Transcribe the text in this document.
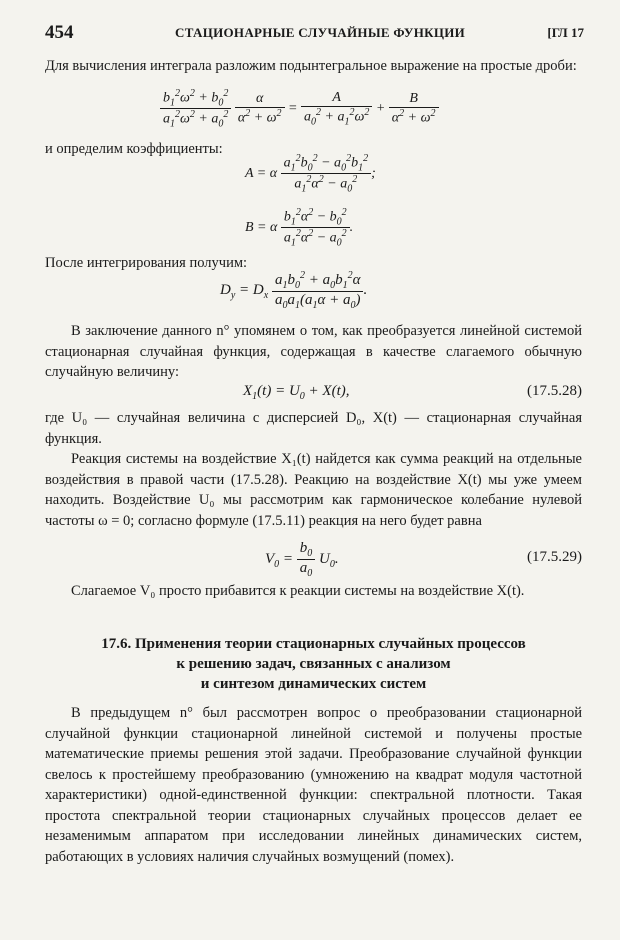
454	СТАЦИОНАРНЫЕ СЛУЧАЙНЫЕ ФУНКЦИИ	[ГЛ 17
Для вычисления интеграла разложим подынтегральное выражение на простые дроби:
$\frac{b_1^2\omega^2 + b_0^2}{a_1^2\omega^2 + a_0^2}$
$\frac{\alpha}{\alpha^2 + \omega^2} = \frac{A}{a_0^2 + a_1^2\omega^2} + \frac{B}{\alpha^2 + \omega^2}$
и определим коэффициенты:
A = α $\frac{a_1^2b_0^2 - a_0^2b_1^2}{a_1^2\alpha^2 - a_0^2}$ ;
B = α $\frac{b_1^2\alpha^2 - b_0^2}{a_1^2\alpha^2 - a_0^2}$ .
После интегрирования получим:
$D_y = D_x \frac{a_1b_0^2 + a_0b_1^2\alpha}{a_0a_1(a_1\alpha + a_0)}$ .
В заключение данного n° упомянем о том, как преобразуется линейной системой стационарная случайная функция, содержащая в качестве слагаемого обычную случайную величину:
$X_1(t) = U_0 + X(t)$,	(17.5.28)
где U₀ — случайная величина с дисперсией D₀, X(t) — стационарная случайная функция.
Реакция системы на воздействие X₁(t) найдется как сумма реакций на отдельные воздействия в правой части (17.5.28). Реакцию на воздействие X(t) мы уже умеем находить. Воздействие U₀ мы рассмотрим как гармоническое колебание нулевой частоты ω = 0; согласно формуле (17.5.11) реакция на него будет равна
$V_0 = \frac{b_0}{a_0} U_0$.	(17.5.29)
Слагаемое V₀ просто прибавится к реакции системы на воздействие X(t).
17.6. Применения теории стационарных случайных процессов
к решению задач, связанных с анализом
и синтезом динамических систем
В предыдущем n° был рассмотрен вопрос о преобразовании стационарной случайной функции стационарной линейной системой и получены простые математические приемы решения этой задачи. Преобразование случайной функции свелось к простейшему преобразованию (умножению на квадрат модуля частотной характеристики) одной-единственной функции: спектральной плотности. Такая простота спектральной теории стационарных случайных процессов делает ее незаменимым аппаратом при исследовании линейных динамических систем, работающих в условиях наличия случайных возмущений (помех).
